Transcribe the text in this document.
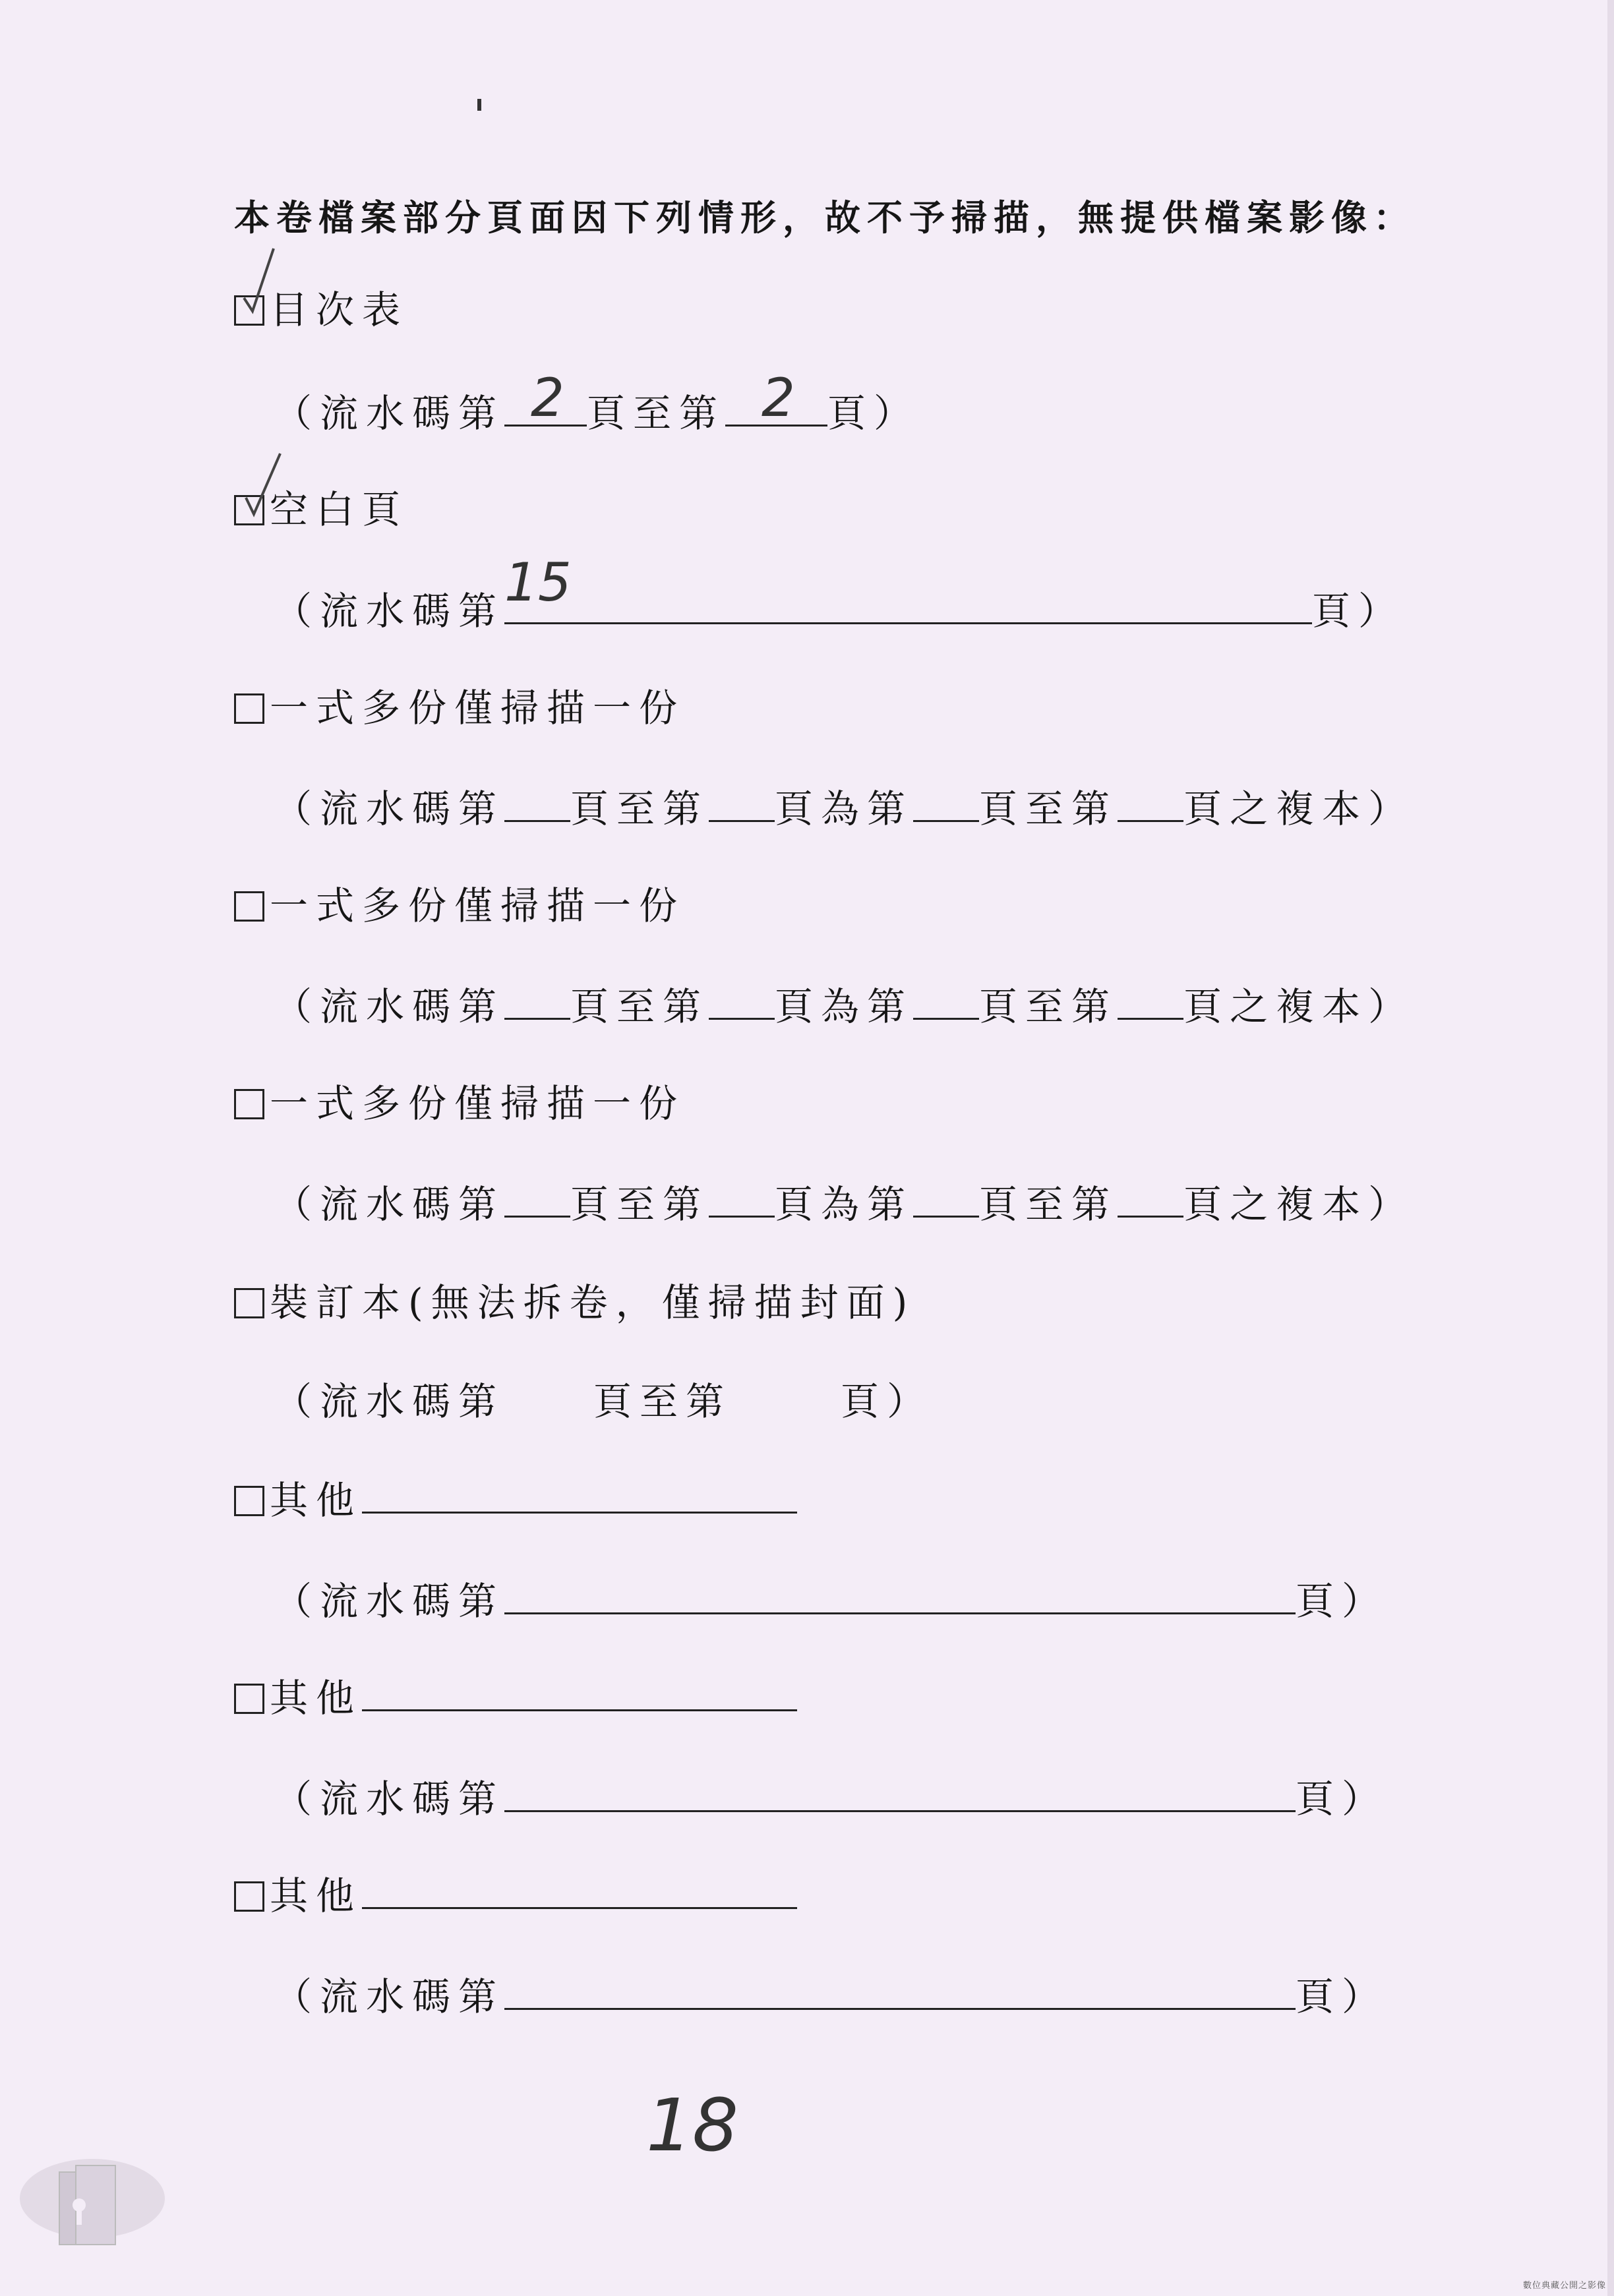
本卷檔案部分頁面因下列情形，故不予掃描，無提供檔案影像：
目次表
（流水碼第 2 頁至第 2 頁）
空白頁
（流水碼第 15	頁）
一式多份僅掃描一份
（流水碼第 頁至第 頁為第 頁至第 頁之複本）
一式多份僅掃描一份
（流水碼第 頁至第 頁為第 頁至第 頁之複本）
一式多份僅掃描一份
（流水碼第 頁至第 頁為第 頁至第 頁之複本）
裝訂本(無法拆卷，僅掃描封面)
（流水碼第 頁至第	頁）
其他
（流水碼第	頁）
其他
（流水碼第	頁）
其他
（流水碼第	頁）
18
數位典藏公開之影像
